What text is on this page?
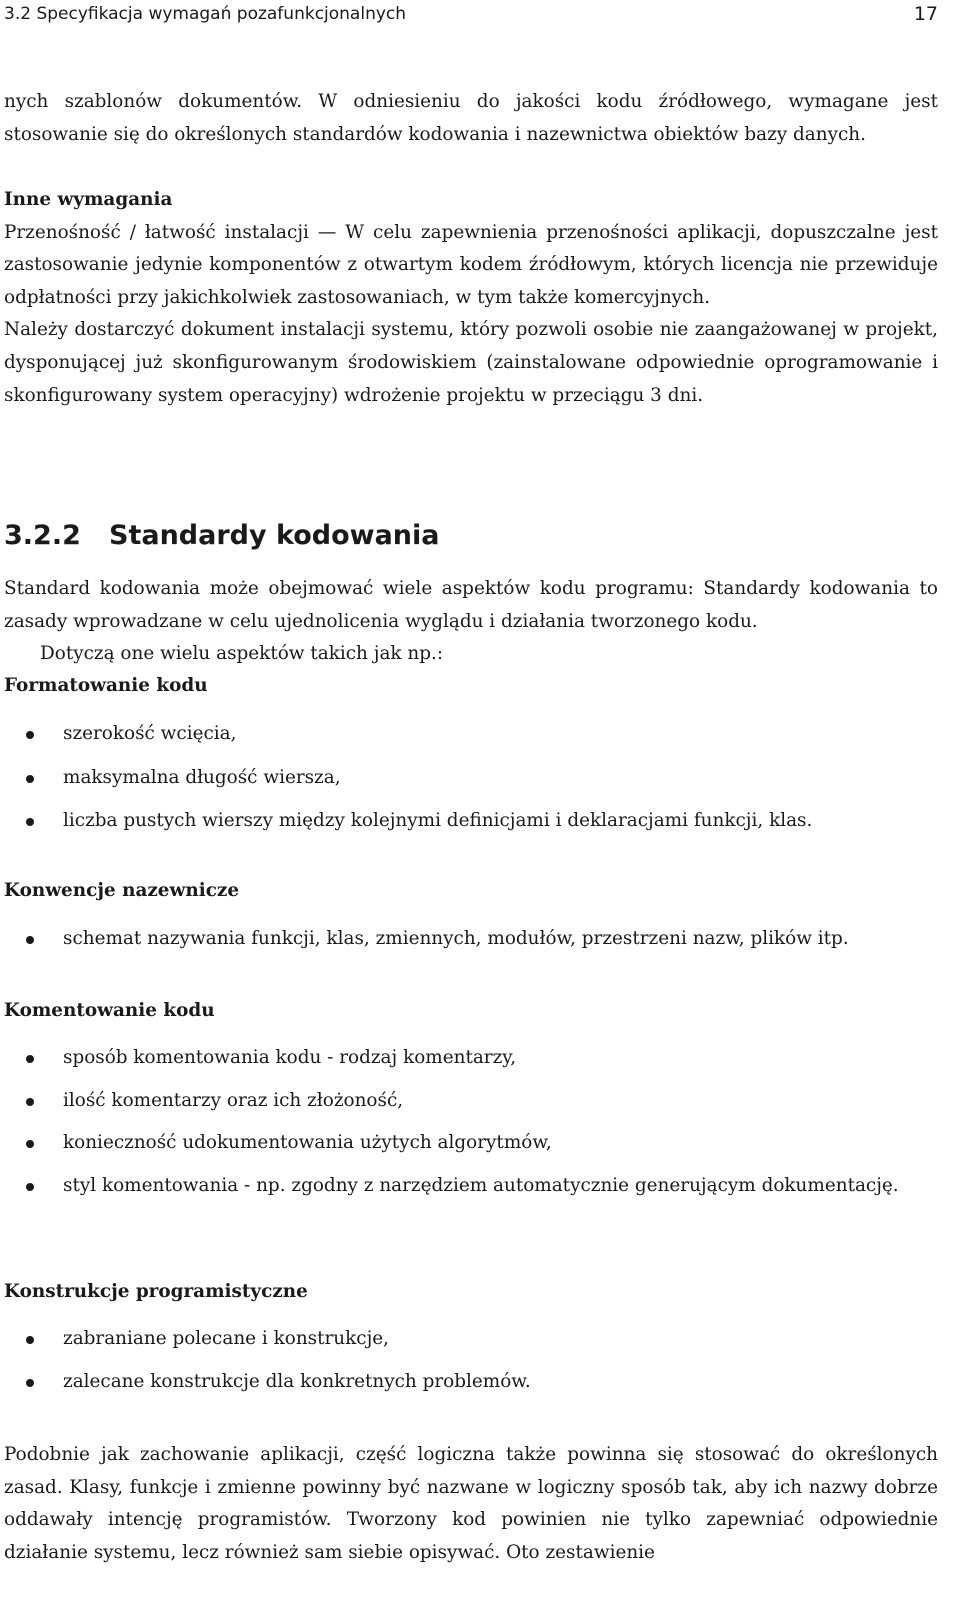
3.2 Specyfikacja wymagań pozafunkcjonalnych	17

nych szablonów dokumentów. W odniesieniu do jakości kodu źródłowego, wymagane jest stosowanie się do określonych standardów kodowania i nazewnictwa obiektów bazy danych.

Inne wymagania

Przenośność / łatwość instalacji — W celu zapewnienia przenośności aplikacji, dopuszczalne jest zastosowanie jedynie komponentów z otwartym kodem źródłowym, których licencja nie przewiduje odpłatności przy jakichkolwiek zastosowaniach, w tym także komercyjnych.

Należy dostarczyć dokument instalacji systemu, który pozwoli osobie nie zaangażowanej w projekt, dysponującej już skonfigurowanym środowiskiem (zainstalowane odpowiednie oprogramowanie i skonfigurowany system operacyjny) wdrożenie projektu w przeciągu 3 dni.

3.2.2 Standardy kodowania

Standard kodowania może obejmować wiele aspektów kodu programu: Standardy kodowania to zasady wprowadzane w celu ujednolicenia wyglądu i działania tworzonego kodu.

Dotyczą one wielu aspektów takich jak np.:

Formatowanie kodu

szerokość wcięcia,
maksymalna długość wiersza,
liczba pustych wierszy między kolejnymi definicjami i deklaracjami funkcji, klas.

Konwencje nazewnicze

schemat nazywania funkcji, klas, zmiennych, modułów, przestrzeni nazw, plików itp.

Komentowanie kodu

sposób komentowania kodu - rodzaj komentarzy,
ilość komentarzy oraz ich złożoność,
konieczność udokumentowania użytych algorytmów,
styl komentowania - np. zgodny z narzędziem automatycznie generującym dokumentację.

Konstrukcje programistyczne

zabraniane polecane i konstrukcje,
zalecane konstrukcje dla konkretnych problemów.

Podobnie jak zachowanie aplikacji, część logiczna także powinna się stosować do określonych zasad. Klasy, funkcje i zmienne powinny być nazwane w logiczny sposób tak, aby ich nazwy dobrze oddawały intencję programistów. Tworzony kod powinien nie tylko zapewniać odpowiednie działanie systemu, lecz również sam siebie opisywać. Oto zestawienie
